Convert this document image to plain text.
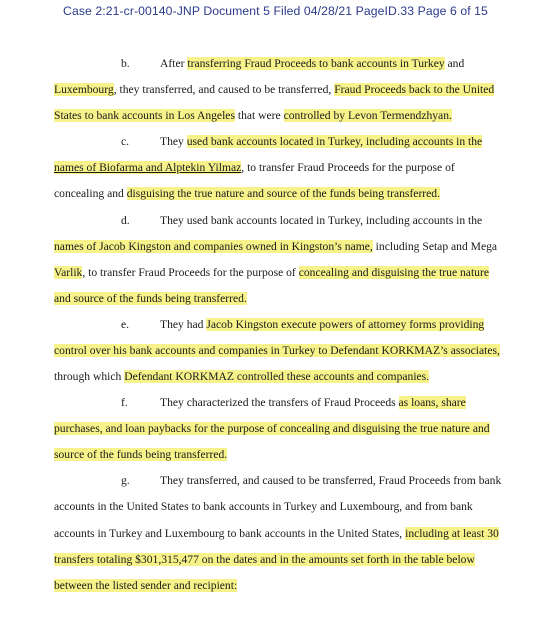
Case 2:21-cr-00140-JNP Document 5 Filed 04/28/21 PageID.33 Page 6 of 15
b.	After transferring Fraud Proceeds to bank accounts in Turkey and
Luxembourg, they transferred, and caused to be transferred, Fraud Proceeds back to the United
States to bank accounts in Los Angeles that were controlled by Levon Termendzhyan.
c.	They used bank accounts located in Turkey, including accounts in the
names of Biofarma and Alptekin Yilmaz, to transfer Fraud Proceeds for the purpose of
concealing and disguising the true nature and source of the funds being transferred.
d.	They used bank accounts located in Turkey, including accounts in the
names of Jacob Kingston and companies owned in Kingston’s name, including Setap and Mega
Varlik, to transfer Fraud Proceeds for the purpose of concealing and disguising the true nature
and source of the funds being transferred.
e.	They had Jacob Kingston execute powers of attorney forms providing
control over his bank accounts and companies in Turkey to Defendant KORKMAZ’s associates,
through which Defendant KORKMAZ controlled these accounts and companies.
f.	They characterized the transfers of Fraud Proceeds as loans, share
purchases, and loan paybacks for the purpose of concealing and disguising the true nature and
source of the funds being transferred.
g.	They transferred, and caused to be transferred, Fraud Proceeds from bank
accounts in the United States to bank accounts in Turkey and Luxembourg, and from bank
accounts in Turkey and Luxembourg to bank accounts in the United States, including at least 30
transfers totaling $301,315,477 on the dates and in the amounts set forth in the table below
between the listed sender and recipient:
